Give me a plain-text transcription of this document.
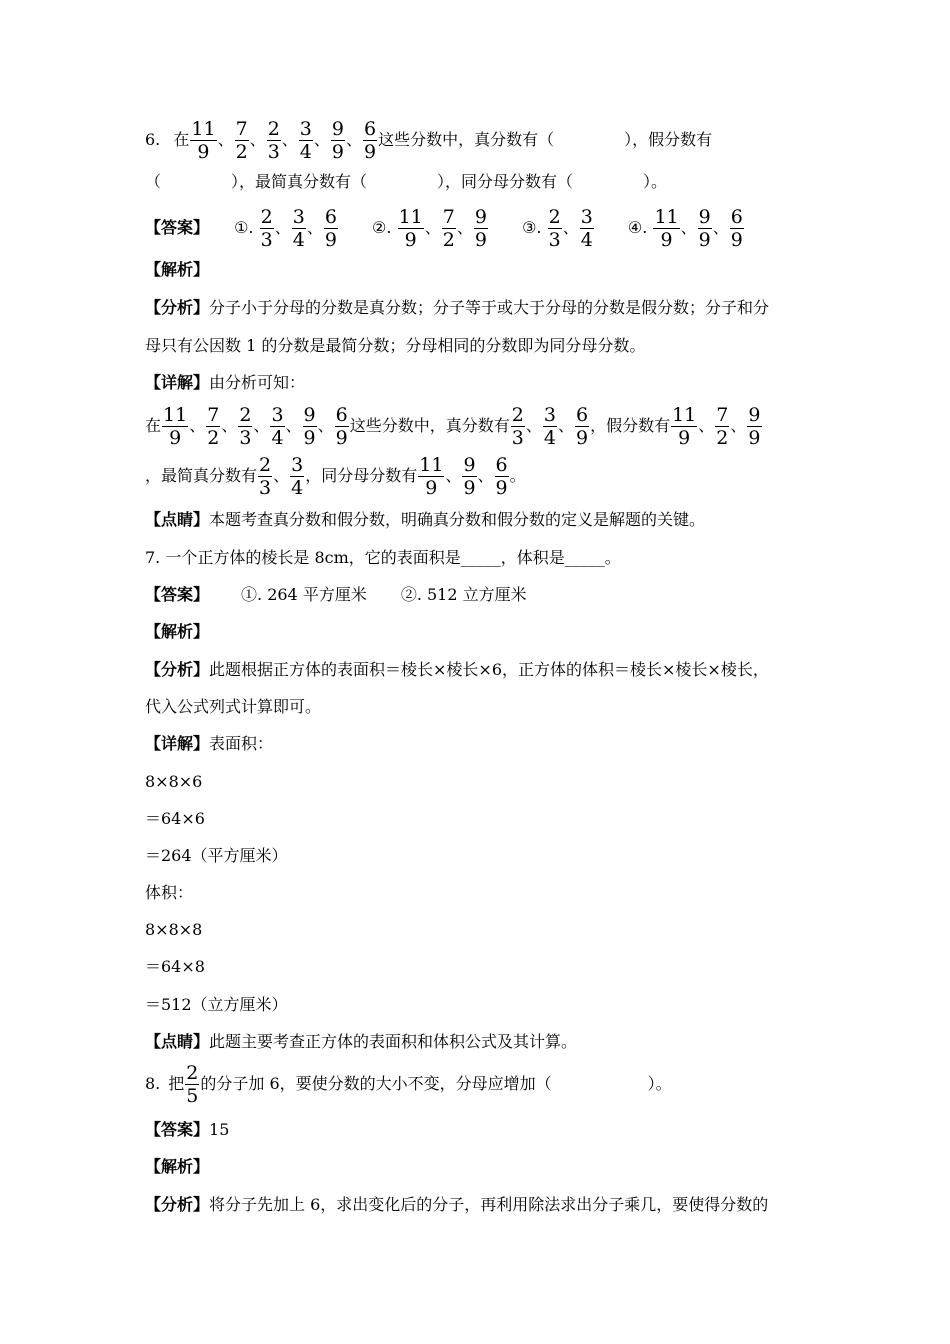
6. 在 $\frac{11}{9}$ 、 $\frac{7}{2}$ 、 $\frac{2}{3}$ 、 $\frac{3}{4}$ 、 $\frac{9}{9}$ 、 $\frac{6}{9}$ 这些分数中，真分数有（	），假分数有
（	），最简真分数有（	），同分母分数有（	）。
【答案】 ①. $\frac{2}{3}$ 、 $\frac{3}{4}$ 、 $\frac{6}{9}$ ②. $\frac{11}{9}$ 、 $\frac{7}{2}$ 、 $\frac{9}{9}$ ③. $\frac{2}{3}$ 、 $\frac{3}{4}$ ④. $\frac{11}{9}$ 、 $\frac{9}{9}$ 、 $\frac{6}{9}$
【解析】
【分析】分子小于分母的分数是真分数；分子等于或大于分母的分数是假分数；分子和分
母只有公因数 1 的分数是最简分数；分母相同的分数即为同分母分数。
【详解】由分析可知：
在 $\frac{11}{9}$ 、 $\frac{7}{2}$ 、 $\frac{2}{3}$ 、 $\frac{3}{4}$ 、 $\frac{9}{9}$ 、 $\frac{6}{9}$ 这些分数中，真分数有 $\frac{2}{3}$ 、 $\frac{3}{4}$ 、 $\frac{6}{9}$ ，假分数有 $\frac{11}{9}$ 、 $\frac{7}{2}$ 、 $\frac{9}{9}$
，最简真分数有 $\frac{2}{3}$ 、 $\frac{3}{4}$ ，同分母分数有 $\frac{11}{9}$ 、 $\frac{9}{9}$ 、 $\frac{6}{9}$ 。
【点睛】本题考查真分数和假分数，明确真分数和假分数的定义是解题的关键。
7. 一个正方体的棱长是 8cm，它的表面积是_____，体积是_____。
【答案】 ①. 264 平方厘米 ②. 512 立方厘米
【解析】
【分析】此题根据正方体的表面积＝棱长×棱长×6，正方体的体积＝棱长×棱长×棱长，
代入公式列式计算即可。
【详解】表面积：
8×8×6
＝64×6
＝264（平方厘米）
体积：
8×8×8
＝64×8
＝512（立方厘米）
【点睛】此题主要考查正方体的表面积和体积公式及其计算。
8. 把 $\frac{2}{5}$ 的分子加 6，要使分数的大小不变，分母应增加（	）。
【答案】15
【解析】
【分析】将分子先加上 6，求出变化后的分子，再利用除法求出分子乘几，要使得分数的
